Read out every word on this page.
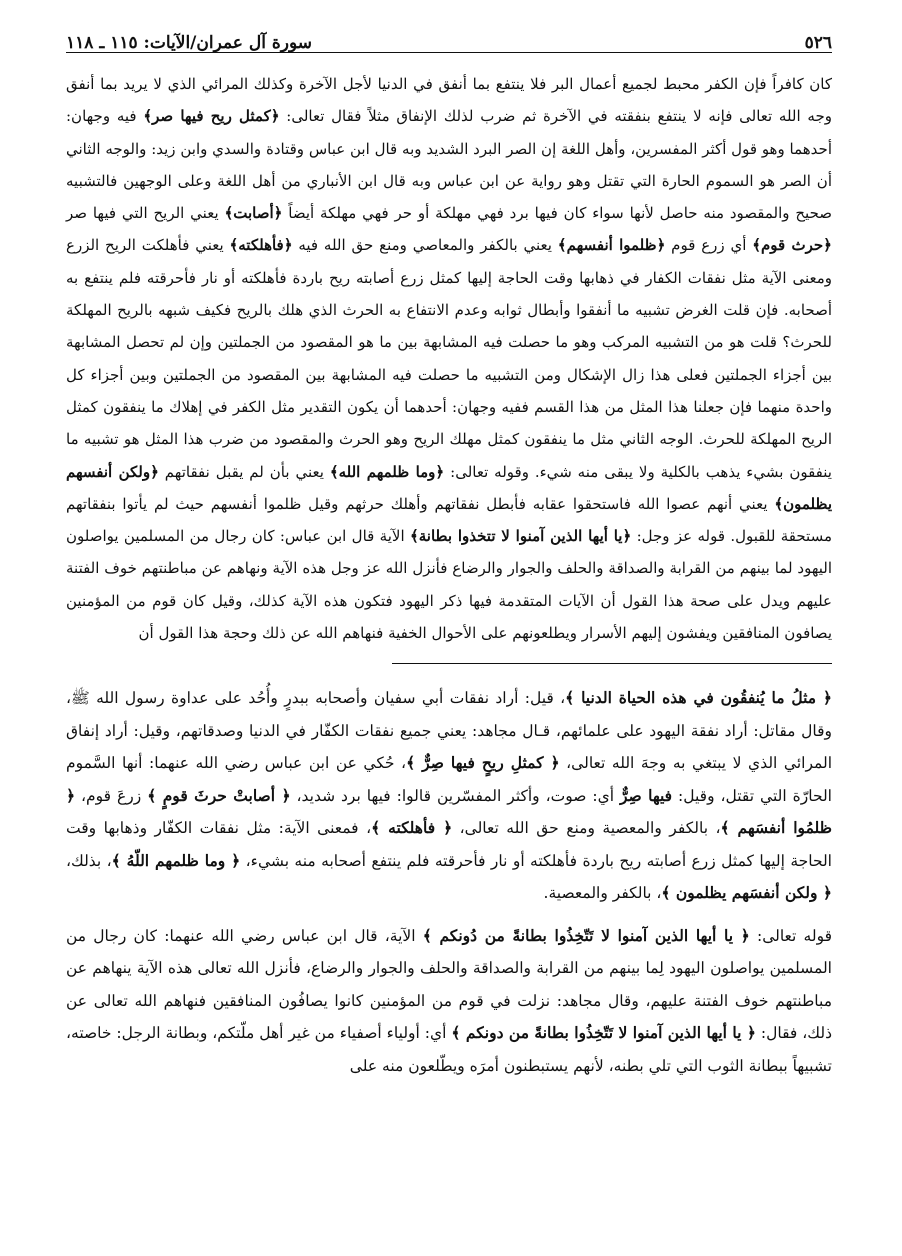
٥٢٦
سورة آل عمران/الآيات: ١١٥ ـ ١١٨

كان كافراً فإن الكفر محبط لجميع أعمال البر فلا ينتفع بما أنفق في الدنيا لأجل الآخرة وكذلك المرائي الذي لا يريد بما أنفق وجه الله تعالى فإنه لا ينتفع بنفقته في الآخرة ثم ضرب لذلك الإنفاق مثلاً فقال تعالى: ﴿كمثل ريح فيها صر﴾ فيه وجهان: أحدهما وهو قول أكثر المفسرين، وأهل اللغة إن الصر البرد الشديد وبه قال ابن عباس وقتادة والسدي وابن زيد: والوجه الثاني أن الصر هو السموم الحارة التي تقتل وهو رواية عن ابن عباس وبه قال ابن الأنباري من أهل اللغة وعلى الوجهين فالتشبيه صحيح والمقصود منه حاصل لأنها سواء كان فيها برد فهي مهلكة أو حر فهي مهلكة أيضاً ﴿أصابت﴾ يعني الريح التي فيها صر ﴿حرث قوم﴾ أي زرع قوم ﴿ظلموا أنفسهم﴾ يعني بالكفر والمعاصي ومنع حق الله فيه ﴿فأهلكته﴾ يعني فأهلكت الريح الزرع ومعنى الآية مثل نفقات الكفار في ذهابها وقت الحاجة إليها كمثل زرع أصابته ريح باردة فأهلكته أو نار فأحرقته فلم ينتفع به أصحابه. فإن قلت الغرض تشبيه ما أنفقوا وأبطال ثوابه وعدم الانتفاع به الحرث الذي هلك بالريح فكيف شبهه بالريح المهلكة للحرث؟ قلت هو من التشبيه المركب وهو ما حصلت فيه المشابهة بين ما هو المقصود من الجملتين وإن لم تحصل المشابهة بين أجزاء الجملتين فعلى هذا زال الإشكال ومن التشبيه ما حصلت فيه المشابهة بين المقصود من الجملتين وبين أجزاء كل واحدة منهما فإن جعلنا هذا المثل من هذا القسم ففيه وجهان: أحدهما أن يكون التقدير مثل الكفر في إهلاك ما ينفقون كمثل الريح المهلكة للحرث. الوجه الثاني مثل ما ينفقون كمثل مهلك الريح وهو الحرث والمقصود من ضرب هذا المثل هو تشبيه ما ينفقون بشيء يذهب بالكلية ولا يبقى منه شيء. وقوله تعالى: ﴿وما ظلمهم الله﴾ يعني بأن لم يقبل نفقاتهم ﴿ولكن أنفسهم يظلمون﴾ يعني أنهم عصوا الله فاستحقوا عقابه فأبطل نفقاتهم وأهلك حرثهم وقيل ظلموا أنفسهم حيث لم يأتوا بنفقاتهم مستحقة للقبول. قوله عز وجل: ﴿يا أيها الذين آمنوا لا تتخذوا بطانة﴾ الآية قال ابن عباس: كان رجال من المسلمين يواصلون اليهود لما بينهم من القرابة والصداقة والحلف والجوار والرضاع فأنزل الله عز وجل هذه الآية ونهاهم عن مباطنتهم خوف الفتنة عليهم ويدل على صحة هذا القول أن الآيات المتقدمة فيها ذكر اليهود فتكون هذه الآية كذلك، وقيل كان قوم من المؤمنين يصافون المنافقين ويفشون إليهم الأسرار ويطلعونهم على الأحوال الخفية فنهاهم الله عن ذلك وحجة هذا القول أن

﴿ مثلُ ما يُنفقُون في هذه الحياة الدنيا ﴾، قيل: أراد نفقات أبي سفيان وأصحابه ببدرٍ وأُحُد على عداوة رسول الله ﷺ، وقال مقاتل: أراد نفقة اليهود على علمائهم، قـال مجاهد: يعني جميع نفقات الكفّار في الدنيا وصدقاتهم، وقيل: أراد إنفاق المرائي الذي لا يبتغي به وجهَ الله تعالى، ﴿ كمثلِ ريحٍ فيها صِرٌّ ﴾، حُكي عن ابن عباس رضي الله عنهما: أنها السَّموم الحارّة التي تقتل، وقيل: فيها صِرٌّ أي: صوت، وأكثر المفسّرين قالوا: فيها برد شديد، ﴿ أصابتْ حرثَ قومٍ ﴾ زرعَ قوم، ﴿ ظلمُوا أنفسَهم ﴾، بالكفر والمعصية ومنع حق الله تعالى، ﴿ فأهلكته ﴾، فمعنى الآية: مثل نفقات الكفّار وذهابها وقت الحاجة إليها كمثل زرع أصابته ريح باردة فأهلكته أو نار فأحرقته فلم ينتفع أصحابه منه بشيء، ﴿ وما ظلمهم اللّهُ ﴾، بذلك، ﴿ ولكن أنفسَهم يظلمون ﴾، بالكفر والمعصية.

قوله تعالى: ﴿ يا أيها الذين آمنوا لا تَتّخِذُوا بطانةً من دُونكم ﴾ الآية، قال ابن عباس رضي الله عنهما: كان رجال من المسلمين يواصلون اليهود لِما بينهم من القرابة والصداقة والحلف والجوار والرضاع، فأنزل الله تعالى هذه الآية ينهاهم عن مباطنتهم خوف الفتنة عليهم، وقال مجاهد: نزلت في قوم من المؤمنين كانوا يصافُون المنافقين فنهاهم الله تعالى عن ذلك، فقال: ﴿ يا أيها الذين آمنوا لا تَتّخِذُوا بطانةً من دونكم ﴾ أي: أولياء أصفياء من غير أهل ملّتكم، وبطانة الرجل: خاصته، تشبيهاً ببطانة الثوب التي تلي بطنه، لأنهم يستبطنون أمرَه ويطّلعون منه على
